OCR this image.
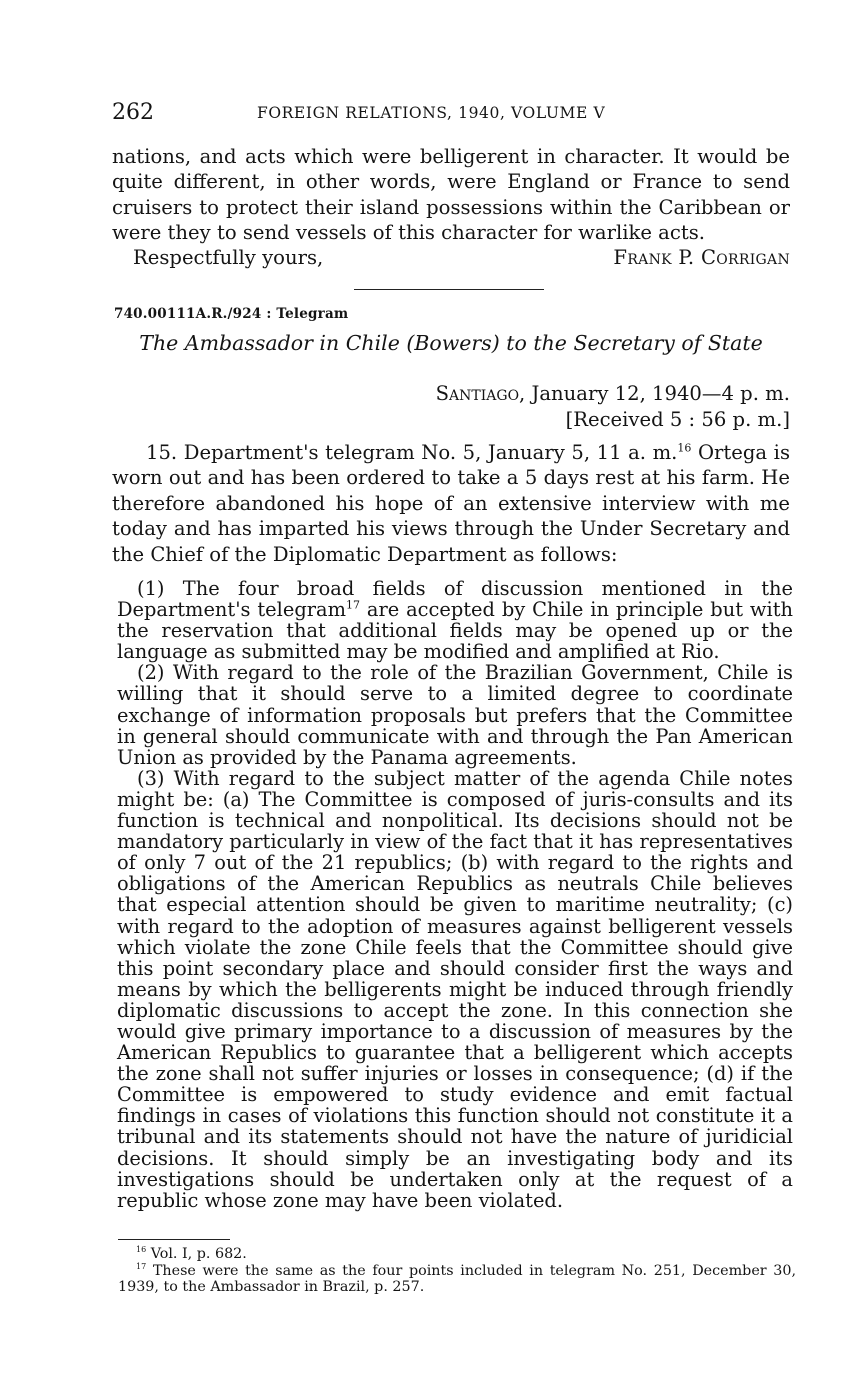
262	FOREIGN RELATIONS, 1940, VOLUME V

nations, and acts which were belligerent in character. It would be quite different, in other words, were England or France to send cruisers to protect their island possessions within the Caribbean or were they to send vessels of this character for warlike acts.

Respectfully yours,	Frank P. Corrigan
740.00111A.R./924 : Telegram
The Ambassador in Chile (Bowers) to the Secretary of State
Santiago, January 12, 1940—4 p. m.
[Received 5 : 56 p. m.]

15. Department's telegram No. 5, January 5, 11 a. m.$^{16}$ Ortega is worn out and has been ordered to take a 5 days rest at his farm. He therefore abandoned his hope of an extensive interview with me today and has imparted his views through the Under Secretary and the Chief of the Diplomatic Department as follows:

(1) The four broad fields of discussion mentioned in the Department's telegram$^{17}$ are accepted by Chile in principle but with the reservation that additional fields may be opened up or the language as submitted may be modified and amplified at Rio.

(2) With regard to the role of the Brazilian Government, Chile is willing that it should serve to a limited degree to coordinate exchange of information proposals but prefers that the Committee in general should communicate with and through the Pan American Union as provided by the Panama agreements.

(3) With regard to the subject matter of the agenda Chile notes might be: (a) The Committee is composed of juris-consults and its function is technical and nonpolitical. Its decisions should not be mandatory particularly in view of the fact that it has representatives of only 7 out of the 21 republics; (b) with regard to the rights and obligations of the American Republics as neutrals Chile believes that especial attention should be given to maritime neutrality; (c) with regard to the adoption of measures against belligerent vessels which violate the zone Chile feels that the Committee should give this point secondary place and should consider first the ways and means by which the belligerents might be induced through friendly diplomatic discussions to accept the zone. In this connection she would give primary importance to a discussion of measures by the American Republics to guarantee that a belligerent which accepts the zone shall not suffer injuries or losses in consequence; (d) if the Committee is empowered to study evidence and emit factual findings in cases of violations this function should not constitute it a tribunal and its statements should not have the nature of juridicial decisions. It should simply be an investigating body and its investigations should be undertaken only at the request of a republic whose zone may have been violated.

$^{16}$ Vol. I, p. 682.

$^{17}$ These were the same as the four points included in telegram No. 251, December 30, 1939, to the Ambassador in Brazil, p. 257.
